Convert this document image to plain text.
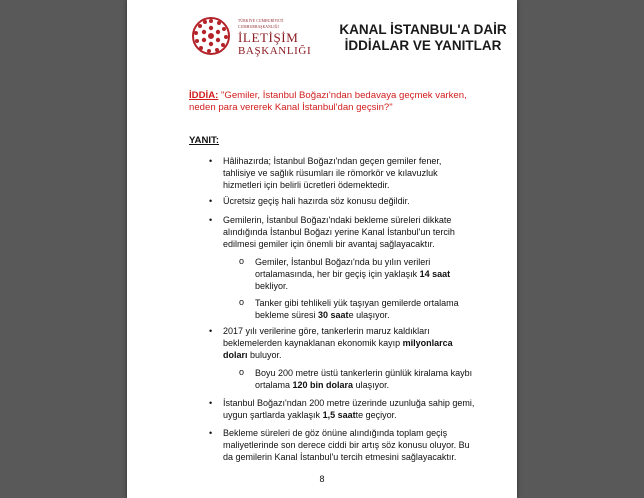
TÜRKİYE CUMHURİYETİ
CUMHURBAŞKANLIĞI
İLETİŞİM
BAŞKANLIĞI
KANAL İSTANBUL'A DAİR
İDDİALAR VE YANITLAR
İDDİA: "Gemiler, İstanbul Boğazı'ndan bedavaya geçmek varken,
neden para vererek Kanal İstanbul'dan geçsin?"
YANIT:
• Hâlihazırda; İstanbul Boğazı'ndan geçen gemiler fener,
tahlisiye ve sağlık rüsumları ile römorkör ve kılavuzluk
hizmetleri için belirli ücretleri ödemektedir.
• Ücretsiz geçiş hali hazırda söz konusu değildir.
• Gemilerin, İstanbul Boğazı'ndaki bekleme süreleri dikkate
alındığında İstanbul Boğazı yerine Kanal İstanbul'un tercih
edilmesi gemiler için önemli bir avantaj sağlayacaktır.
o Gemiler, İstanbul Boğazı'nda bu yılın verileri
ortalamasında, her bir geçiş için yaklaşık 14 saat
bekliyor.
o Tanker gibi tehlikeli yük taşıyan gemilerde ortalama
bekleme süresi 30 saate ulaşıyor.
• 2017 yılı verilerine göre, tankerlerin maruz kaldıkları
beklemelerden kaynaklanan ekonomik kayıp milyonlarca
doları buluyor.
o Boyu 200 metre üstü tankerlerin günlük kiralama kaybı
ortalama 120 bin dolara ulaşıyor.
• İstanbul Boğazı'ndan 200 metre üzerinde uzunluğa sahip gemi,
uygun şartlarda yaklaşık 1,5 saatte geçiyor.
• Bekleme süreleri de göz önüne alındığında toplam geçiş
maliyetlerinde son derece ciddi bir artış söz konusu oluyor. Bu
da gemilerin Kanal İstanbul'u tercih etmesini sağlayacaktır.
8
